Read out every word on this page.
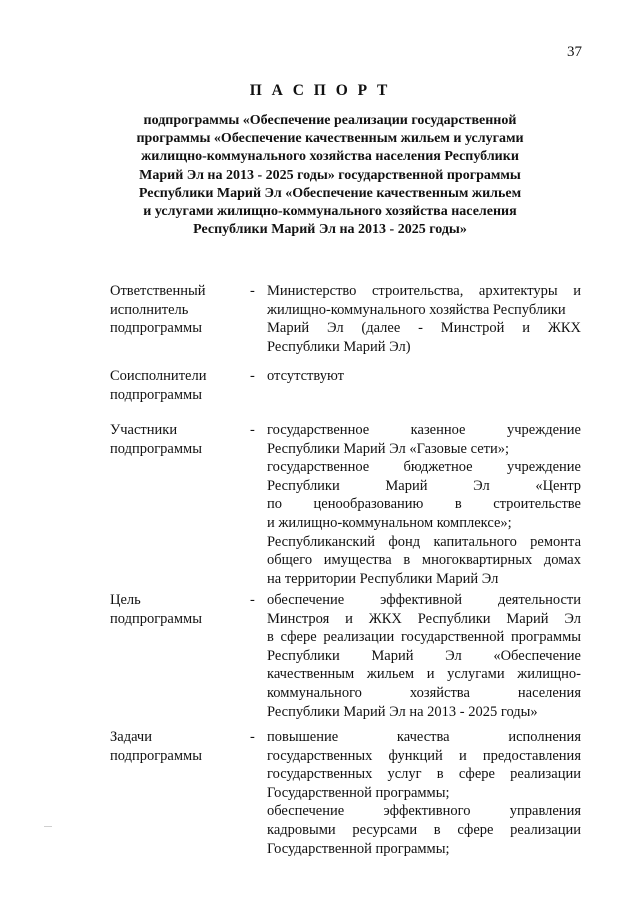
37
П А С П О Р Т
подпрограммы «Обеспечение реализации государственной
программы «Обеспечение качественным жильем и услугами
жилищно-коммунального хозяйства населения Республики
Марий Эл на 2013 - 2025 годы» государственной программы
Республики Марий Эл «Обеспечение качественным жильем
и услугами жилищно-коммунального хозяйства населения
Республики Марий Эл на 2013 - 2025 годы»
Ответственный
исполнитель
подпрограммы
- Министерство строительства, архитектуры и
жилищно-коммунального хозяйства Республики
Марий Эл (далее - Минстрой и ЖКХ
Республики Марий Эл)
Соисполнители
подпрограммы
- отсутствуют
Участники
подпрограммы
- государственное казенное учреждение
Республики Марий Эл «Газовые сети»;
государственное бюджетное учреждение
Республики Марий Эл «Центр
по ценообразованию в строительстве
и жилищно-коммунальном комплексе»;
Республиканский фонд капитального ремонта
общего имущества в многоквартирных домах
на территории Республики Марий Эл
Цель
подпрограммы
- обеспечение эффективной деятельности
Минстроя и ЖКХ Республики Марий Эл
в сфере реализации государственной программы
Республики Марий Эл «Обеспечение
качественным жильем и услугами жилищно-
коммунального хозяйства населения
Республики Марий Эл на 2013 - 2025 годы»
Задачи
подпрограммы
- повышение качества исполнения
государственных функций и предоставления
государственных услуг в сфере реализации
Государственной программы;
обеспечение эффективного управления
кадровыми ресурсами в сфере реализации
Государственной программы;
